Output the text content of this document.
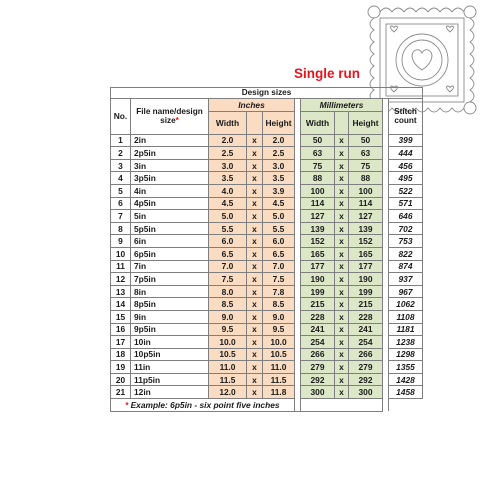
Single run

Design sizes										
No.	File name/design size*	Inches				Millimeters				Stitch count
		Width		Height		Width		Height		
1	2in	2.0	x	2.0		50	x	50		399
2	2p5in	2.5	x	2.5		63	x	63		444
3	3in	3.0	x	3.0		75	x	75		456
4	3p5in	3.5	x	3.5		88	x	88		495
5	4in	4.0	x	3.9		100	x	100		522
6	4p5in	4.5	x	4.5		114	x	114		571
7	5in	5.0	x	5.0		127	x	127		646
8	5p5in	5.5	x	5.5		139	x	139		702
9	6in	6.0	x	6.0		152	x	152		753
10	6p5in	6.5	x	6.5		165	x	165		822
11	7in	7.0	x	7.0		177	x	177		874
12	7p5in	7.5	x	7.5		190	x	190		937
13	8in	8.0	x	7.8		199	x	199		967
14	8p5in	8.5	x	8.5		215	x	215		1062
15	9in	9.0	x	9.0		228	x	228		1108
16	9p5in	9.5	x	9.5		241	x	241		1181
17	10in	10.0	x	10.0		254	x	254		1238
18	10p5in	10.5	x	10.5		266	x	266		1298
19	11in	11.0	x	11.0		279	x	279		1355
20	11p5in	11.5	x	11.5		292	x	292		1428
21	12in	12.0	x	11.8		300	x	300		1458
* Example: 6p5in - six point five inches										
